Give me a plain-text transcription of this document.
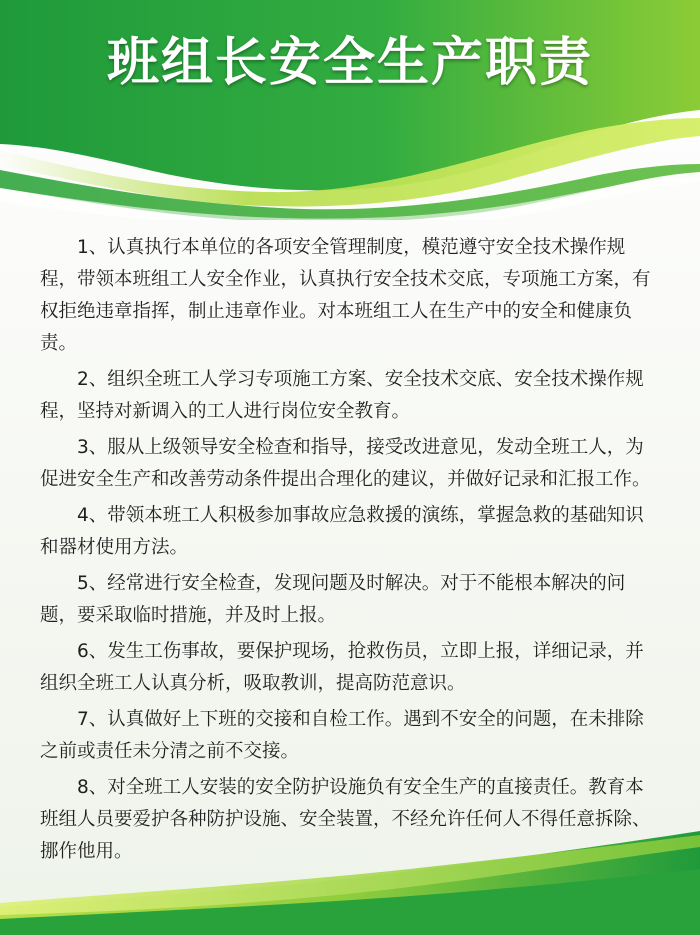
班组长安全生产职责

1、认真执行本单位的各项安全管理制度，模范遵守安全技术操作规程，带领本班组工人安全作业，认真执行安全技术交底，专项施工方案，有权拒绝违章指挥，制止违章作业。对本班组工人在生产中的安全和健康负责。

2、组织全班工人学习专项施工方案、安全技术交底、安全技术操作规程，坚持对新调入的工人进行岗位安全教育。

3、服从上级领导安全检查和指导，接受改进意见，发动全班工人，为促进安全生产和改善劳动条件提出合理化的建议，并做好记录和汇报工作。

4、带领本班工人积极参加事故应急救援的演练，掌握急救的基础知识和器材使用方法。

5、经常进行安全检查，发现问题及时解决。对于不能根本解决的问题，要采取临时措施，并及时上报。

6、发生工伤事故，要保护现场，抢救伤员，立即上报，详细记录，并组织全班工人认真分析，吸取教训，提高防范意识。

7、认真做好上下班的交接和自检工作。遇到不安全的问题，在未排除之前或责任未分清之前不交接。

8、对全班工人安装的安全防护设施负有安全生产的直接责任。教育本班组人员要爱护各种防护设施、安全装置，不经允许任何人不得任意拆除、挪作他用。
